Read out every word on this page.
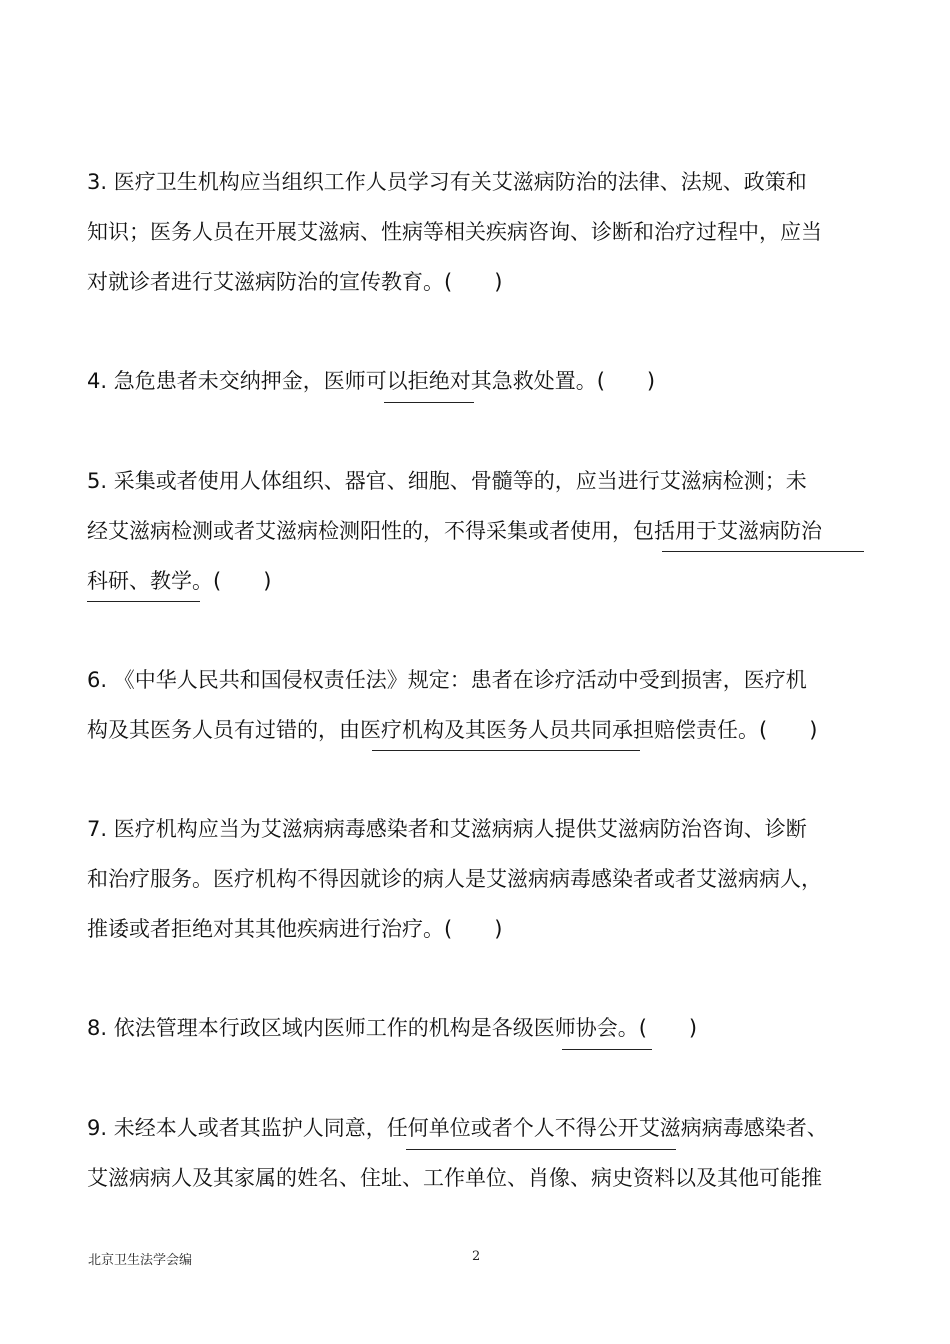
3. 医疗卫生机构应当组织工作人员学习有关艾滋病防治的法律、法规、政策和
知识；医务人员在开展艾滋病、性病等相关疾病咨询、诊断和治疗过程中，应当
对就诊者进行艾滋病防治的宣传教育。(　　)
4. 急危患者未交纳押金，医师可以拒绝对其急救处置。(　　)
5. 采集或者使用人体组织、器官、细胞、骨髓等的，应当进行艾滋病检测；未
经艾滋病检测或者艾滋病检测阳性的，不得采集或者使用，包括用于艾滋病防治
科研、教学。(　　)
6. 《中华人民共和国侵权责任法》规定：患者在诊疗活动中受到损害，医疗机
构及其医务人员有过错的，由医疗机构及其医务人员共同承担赔偿责任。(　　)
7. 医疗机构应当为艾滋病病毒感染者和艾滋病病人提供艾滋病防治咨询、诊断
和治疗服务。医疗机构不得因就诊的病人是艾滋病病毒感染者或者艾滋病病人，
推诿或者拒绝对其其他疾病进行治疗。(　　)
8. 依法管理本行政区域内医师工作的机构是各级医师协会。(　　)
9. 未经本人或者其监护人同意，任何单位或者个人不得公开艾滋病病毒感染者、
艾滋病病人及其家属的姓名、住址、工作单位、肖像、病史资料以及其他可能推
北京卫生法学会编	2
